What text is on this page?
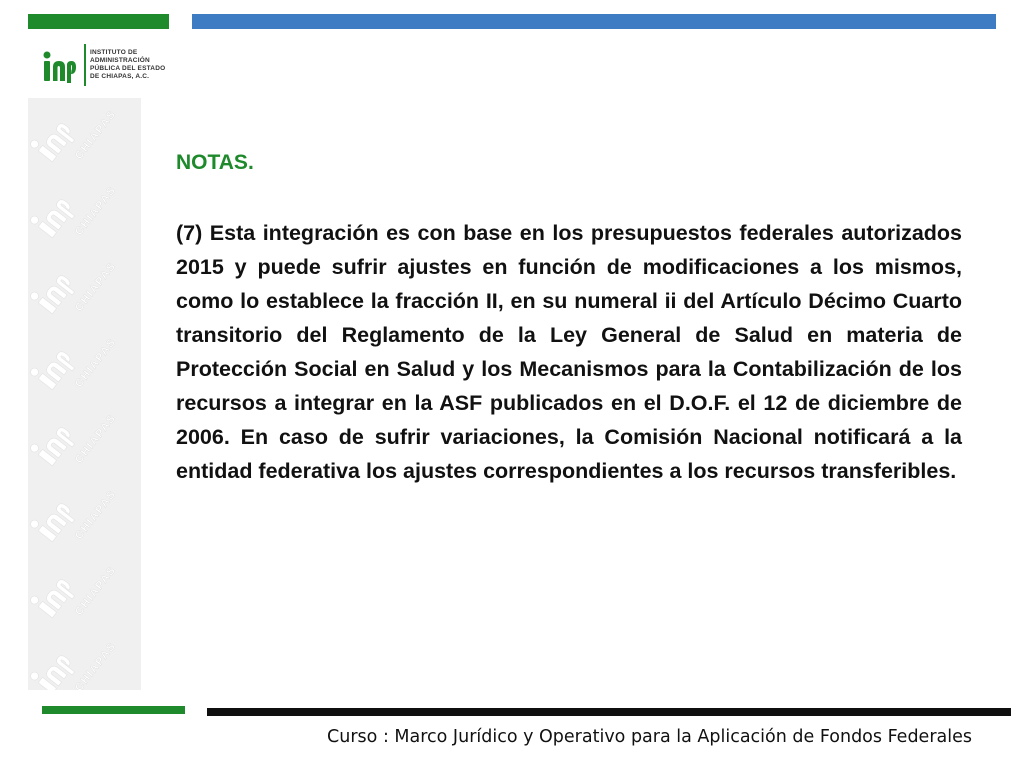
INSTITUTO DE
ADMINISTRACIÓN
PÚBLICA DEL ESTADO
DE CHIAPAS, A.C.
NOTAS.

(7) Esta integración es con base en los presupuestos federales autorizados 2015 y puede sufrir ajustes en función de modificaciones a los mismos, como lo establece la fracción II, en su numeral ii del Artículo Décimo Cuarto transitorio del Reglamento de la Ley General de Salud en materia de Protección Social en Salud y los Mecanismos para la Contabilización de los recursos a integrar en la ASF publicados en el D.O.F. el 12 de diciembre de 2006. En caso de sufrir variaciones, la Comisión Nacional notificará a la entidad federativa los ajustes correspondientes a los recursos transferibles.

Curso : Marco Jurídico y Operativo para la Aplicación de Fondos Federales
